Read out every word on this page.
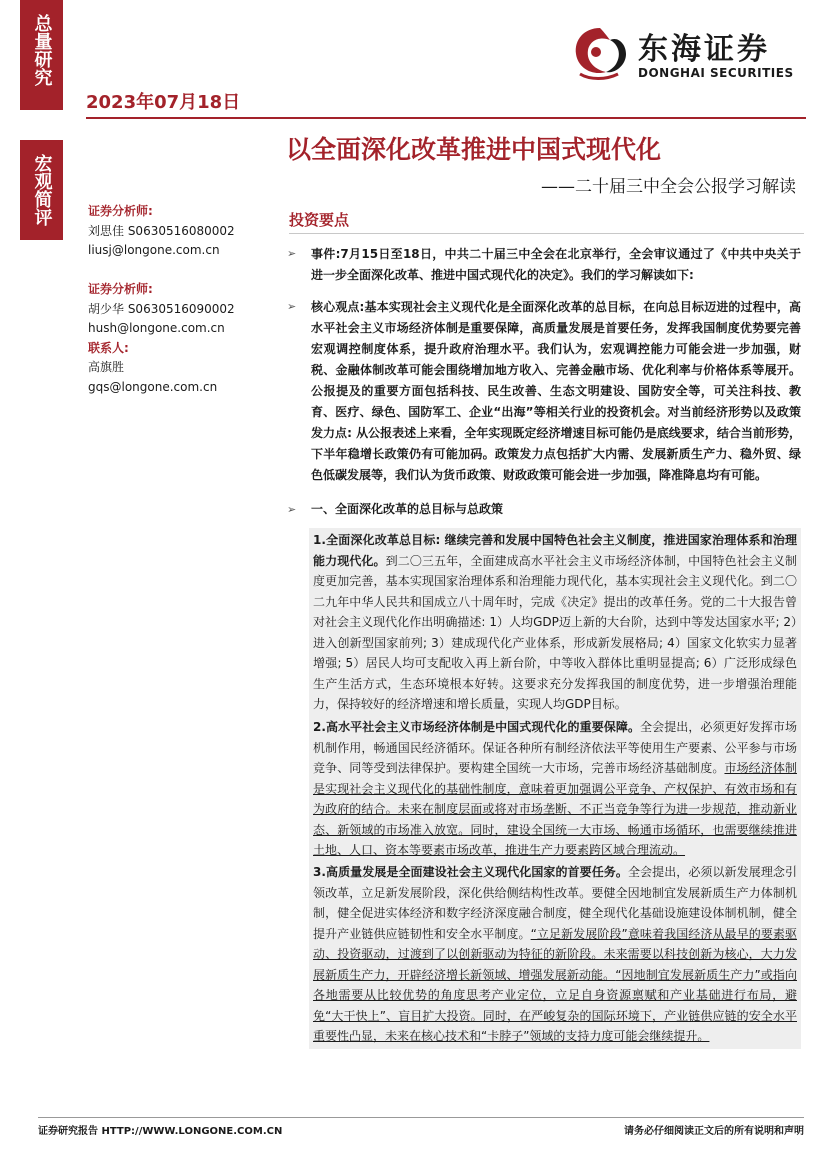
总量研究
宏观简评
2023年07月18日
东海证券
DONGHAI SECURITIES
以全面深化改革推进中国式现代化
——二十届三中全会公报学习解读
证券分析师:
刘思佳 S0630516080002
liusj@longone.com.cn
证券分析师:
胡少华 S0630516090002
hush@longone.com.cn
联系人:
高旗胜
gqs@longone.com.cn
投资要点
➢	事件:7月15日至18日，中共二十届三中全会在北京举行，全会审议通过了《中共中央关于进一步全面深化改革、推进中国式现代化的决定》。我们的学习解读如下:
➢	核心观点:基本实现社会主义现代化是全面深化改革的总目标，在向总目标迈进的过程中，高水平社会主义市场经济体制是重要保障，高质量发展是首要任务，发挥我国制度优势要完善宏观调控制度体系，提升政府治理水平。我们认为，宏观调控能力可能会进一步加强，财税、金融体制改革可能会围绕增加地方收入、完善金融市场、优化利率与价格体系等展开。公报提及的重要方面包括科技、民生改善、生态文明建设、国防安全等，可关注科技、教育、医疗、绿色、国防军工、企业“出海”等相关行业的投资机会。对当前经济形势以及政策发力点: 从公报表述上来看，全年实现既定经济增速目标可能仍是底线要求，结合当前形势，下半年稳增长政策仍有可能加码。政策发力点包括扩大内需、发展新质生产力、稳外贸、绿色低碳发展等，我们认为货币政策、财政政策可能会进一步加强，降准降息均有可能。
➢	一、全面深化改革的总目标与总政策
1.全面深化改革总目标: 继续完善和发展中国特色社会主义制度，推进国家治理体系和治理能力现代化。到二〇三五年，全面建成高水平社会主义市场经济体制，中国特色社会主义制度更加完善，基本实现国家治理体系和治理能力现代化，基本实现社会主义现代化。到二〇二九年中华人民共和国成立八十周年时，完成《决定》提出的改革任务。党的二十大报告曾对社会主义现代化作出明确描述: 1）人均GDP迈上新的大台阶，达到中等发达国家水平; 2）进入创新型国家前列; 3）建成现代化产业体系，形成新发展格局; 4）国家文化软实力显著增强; 5）居民人均可支配收入再上新台阶，中等收入群体比重明显提高; 6）广泛形成绿色生产生活方式，生态环境根本好转。这要求充分发挥我国的制度优势，进一步增强治理能力，保持较好的经济增速和增长质量，实现人均GDP目标。
2.高水平社会主义市场经济体制是中国式现代化的重要保障。全会提出，必须更好发挥市场机制作用，畅通国民经济循环。保证各种所有制经济依法平等使用生产要素、公平参与市场竞争、同等受到法律保护。要构建全国统一大市场，完善市场经济基础制度。市场经济体制是实现社会主义现代化的基础性制度，意味着更加强调公平竞争、产权保护、有效市场和有为政府的结合。未来在制度层面或将对市场垄断、不正当竞争等行为进一步规范，推动新业态、新领域的市场准入放宽。同时，建设全国统一大市场、畅通市场循环，也需要继续推进土地、人口、资本等要素市场改革，推进生产力要素跨区域合理流动。
3.高质量发展是全面建设社会主义现代化国家的首要任务。全会提出，必须以新发展理念引领改革，立足新发展阶段，深化供给侧结构性改革。要健全因地制宜发展新质生产力体制机制，健全促进实体经济和数字经济深度融合制度，健全现代化基础设施建设体制机制，健全提升产业链供应链韧性和安全水平制度。“立足新发展阶段”意味着我国经济从最早的要素驱动、投资驱动，过渡到了以创新驱动为特征的新阶段。未来需要以科技创新为核心，大力发展新质生产力，开辟经济增长新领域、增强发展新动能。“因地制宜发展新质生产力”或指向各地需要从比较优势的角度思考产业定位，立足自身资源禀赋和产业基础进行布局，避免“大干快上”、盲目扩大投资。同时，在严峻复杂的国际环境下，产业链供应链的安全水平重要性凸显，未来在核心技术和“卡脖子”领域的支持力度可能会继续提升。
证券研究报告 HTTP://WWW.LONGONE.COM.CN	请务必仔细阅读正文后的所有说明和声明
